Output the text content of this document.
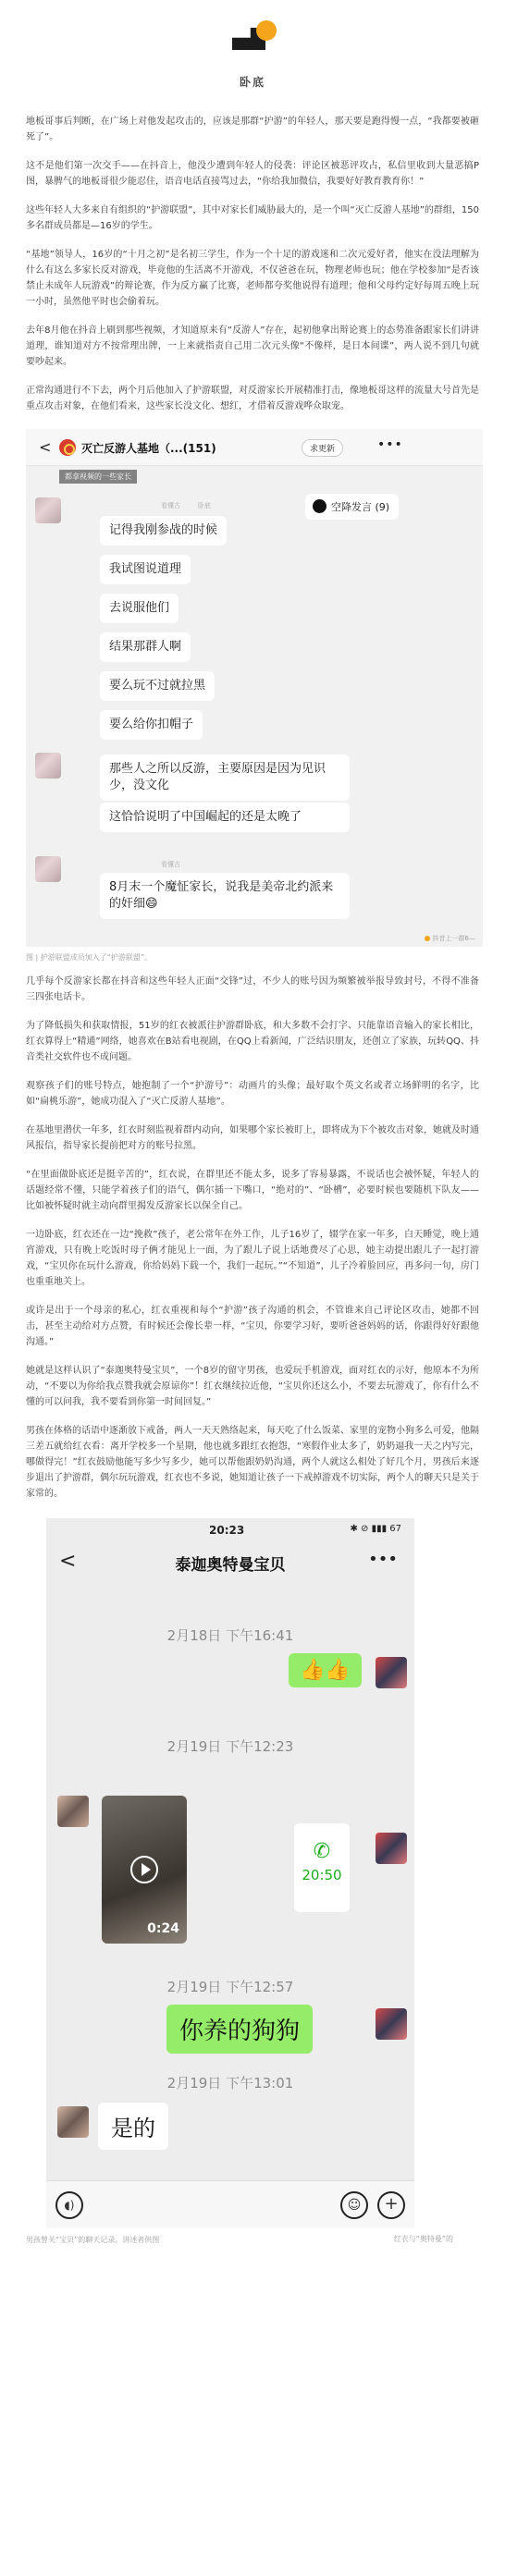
卧底

地板哥事后判断，在广场上对他发起攻击的，应该是那群“护游”的年轻人，那天要是跑得慢一点，“我都要被砸死了”。

这不是他们第一次交手——在抖音上，他没少遭到年轻人的侵袭：评论区被恶评攻占，私信里收到大量恶搞P图，暴脾气的地板哥很少能忍住，语音电话直接骂过去，“你给我加微信，我要好好教育教育你！”

这些年轻人大多来自有组织的“护游联盟”，其中对家长们威胁最大的，是一个叫“灭亡反游人基地”的群组，150多名群成员都是—16岁的学生。

“基地”领导人，16岁的“十月之初”是名初三学生，作为一个十足的游戏迷和二次元爱好者，他实在没法理解为什么有这么多家长反对游戏，毕竟他的生活离不开游戏，不仅爸爸在玩，物理老师也玩；他在学校参加“是否该禁止未成年人玩游戏”的辩论赛，作为反方赢了比赛，老师都夸奖他说得有道理；他和父母约定好每周五晚上玩一小时，虽然他平时也会偷着玩。

去年8月他在抖音上刷到那些视频，才知道原来有“反游人”存在，起初他拿出辩论赛上的态势准备跟家长们讲讲道理，谁知道对方不按常理出牌，一上来就指责自己用二次元头像“不像样，是日本间谍”，两人说不到几句就要吵起来。

正常沟通进行不下去，两个月后他加入了护游联盟，对反游家长开展精准打击，像地板哥这样的流量大号首先是重点攻击对象，在他们看来，这些家长没文化、想红，才借着反游戏哗众取宠。

<	灭亡反游人基地（...(151)	求更新	•••
都拿视频的一些家长
空降发言 (9)
看懂古	卧底
记得我刚参战的时候
我试图说道理
去说服他们
结果那群人啊
要么玩不过就拉黑
要么给你扣帽子
那些人之所以反游，主要原因是因为见识少，没文化
这恰恰说明了中国崛起的还是太晚了
看懂古
8月末一个魔怔家长，说我是美帝北约派来的奸细😄
抖音上一群6—
图 | 护游联盟成员加入了“护游联盟”。

几乎每个反游家长都在抖音和这些年轻人正面“交锋”过，不少人的账号因为频繁被举报导致封号，不得不准备三四张电话卡。

为了降低损失和获取情报，51岁的红衣被派往护游群卧底，和大多数不会打字、只能靠语音输入的家长相比，红衣算得上“精通”网络，她喜欢在B站看电视剧，在QQ上看新闻，广泛结识朋友，还创立了家族，玩转QQ、抖音类社交软件也不成问题。

观察孩子们的账号特点，她抱制了一个“护游号”：动画片的头像；最好取个英文名或者立场鲜明的名字，比如“扁桃乐游”，她成功混入了“灭亡反游人基地”。

在基地里潜伏一年多，红衣时刻监视着群内动向，如果哪个家长被盯上，即将成为下个被攻击对象，她就及时通风报信，指导家长提前把对方的账号拉黑。

“在里面做卧底还是挺辛苦的”，红衣说，在群里还不能太多，说多了容易暴露，不说话也会被怀疑，年轻人的话题经常不懂，只能学着孩子们的语气，偶尔插一下嘴口，“绝对的”、“卧槽”，必要时候也要随机下队友——比如被怀疑时就主动向群里揭发反游家长以保全自己。

一边卧底，红衣还在一边“挽救”孩子，老公常年在外工作，儿子16岁了，辍学在家一年多，白天睡觉，晚上通宵游戏，只有晚上吃饭时母子俩才能见上一面，为了跟儿子说上话地费尽了心思，她主动提出跟儿子一起打游戏，“宝贝你在玩什么游戏，你给妈妈下载一个，我们一起玩。”“不知道”，儿子冷着脸回应，再多问一句，房门也重重地关上。

或许是出于一个母亲的私心，红衣重视和每个“护游”孩子沟通的机会，不管谁来自己评论区攻击，她都不回击，甚至主动给对方点赞，有时候还会像长辈一样，“宝贝，你要学习好，要听爸爸妈妈的话，你跟得好好跟他沟通。”

她就是这样认识了“泰迦奥特曼宝贝”，一个8岁的留守男孩，也爱玩手机游戏，面对红衣的示好，他原本不为所动，“不要以为你给我点赞我就会原谅你”！红衣继续拉近他，“宝贝你还这么小，不要去玩游戏了，你有什么不懂的可以问我，我不要看到你第一时间回复。”

男孩在体格的话语中逐渐放下戒备，两人一天天熟络起来，每天吃了什么饭菜、家里的宠物小狗多么可爱，他隔三差五就给红衣看：离开学校多一个星期，他也就多跟红衣抱怨，“寒假作业太多了，奶奶逼我一天之内写完，哪做得完！”红衣鼓励他能写多少写多少，她可以帮他跟奶奶沟通，两个人就这么相处了好几个月，男孩后来逐步退出了护游群，偶尔玩玩游戏，红衣也不多说，她知道让孩子一下戒掉游戏不切实际，两个人的聊天只是关于家常的。

20:23	✱ ⊘ ▮▮▮ 67
<	泰迦奥特曼宝贝	•••
2月18日 下午16:41
👍👍
2月19日 下午12:23
0:24
✆
20:50
2月19日 下午12:57
你养的狗狗
2月19日 下午13:01
是的
◖)	☺	+
男孩曾关“宝贝”的聊天记录。讲述者供图	红衣与“奥特曼”的
